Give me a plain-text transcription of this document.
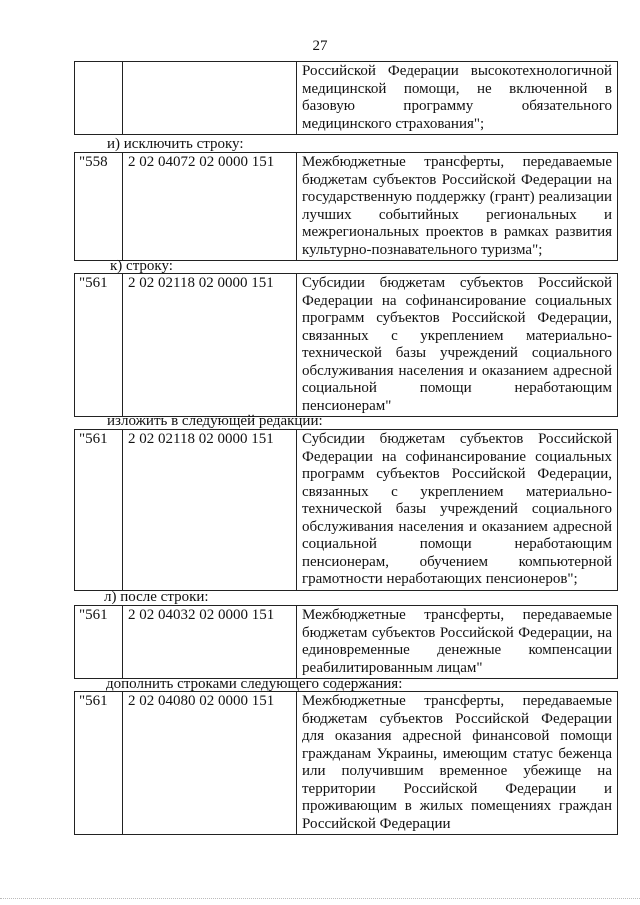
27
		Российской Федерации высокотехнологичной медицинской помощи, не включенной в базовую программу обязательного медицинского страхования";
и) исключить строку:
"558	2 02 04072 02 0000 151	Межбюджетные трансферты, передаваемые бюджетам субъектов Российской Федерации на государственную поддержку (грант) реализации лучших событийных региональных и межрегиональных проектов в рамках развития культурно-познавательного туризма";
к) строку:
"561	2 02 02118 02 0000 151	Субсидии бюджетам субъектов Российской Федерации на софинансирование социальных программ субъектов Российской Федерации, связанных с укреплением материально-технической базы учреждений социального обслуживания населения и оказанием адресной социальной помощи неработающим пенсионерам"
изложить в следующей редакции:
"561	2 02 02118 02 0000 151	Субсидии бюджетам субъектов Российской Федерации на софинансирование социальных программ субъектов Российской Федерации, связанных с укреплением материально-технической базы учреждений социального обслуживания населения и оказанием адресной социальной помощи неработающим пенсионерам, обучением компьютерной грамотности неработающих пенсионеров";
л) после строки:
"561	2 02 04032 02 0000 151	Межбюджетные трансферты, передаваемые бюджетам субъектов Российской Федерации, на единовременные денежные компенсации реабилитированным лицам"
дополнить строками следующего содержания:
"561	2 02 04080 02 0000 151	Межбюджетные трансферты, передаваемые бюджетам субъектов Российской Федерации для оказания адресной финансовой помощи гражданам Украины, имеющим статус беженца или получившим временное убежище на территории Российской Федерации и проживающим в жилых помещениях граждан Российской Федерации
